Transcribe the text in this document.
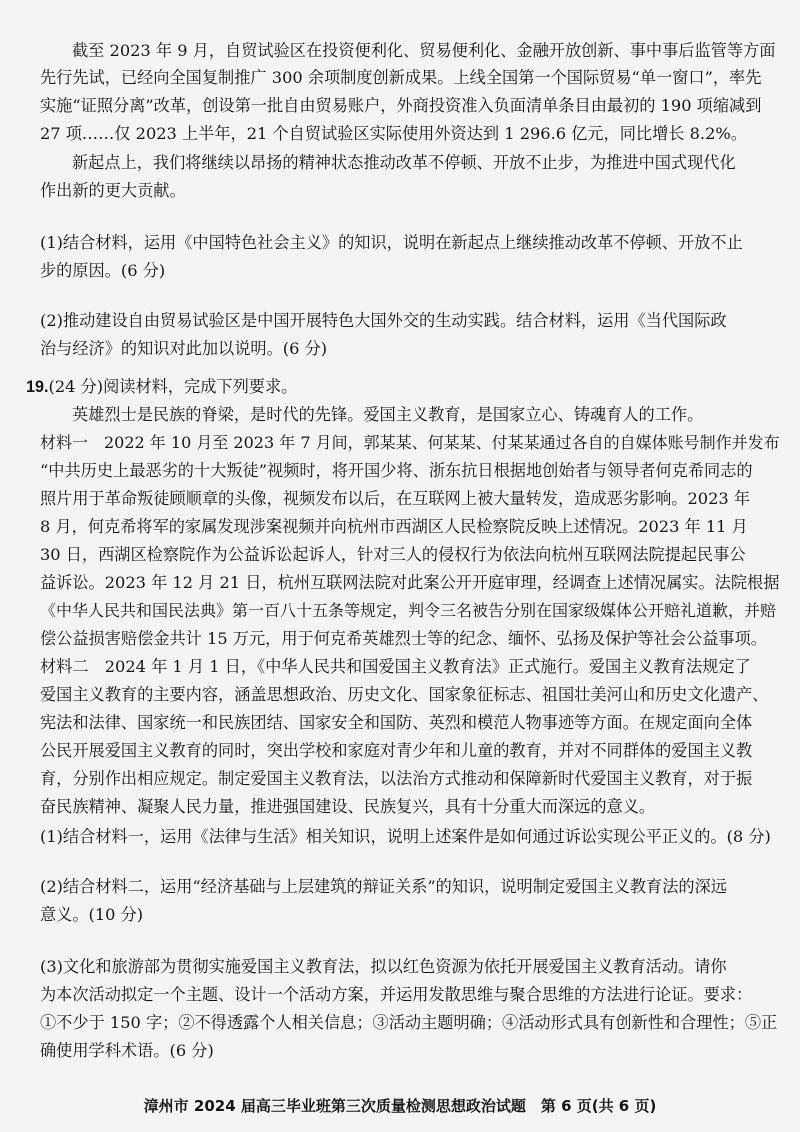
截至 2023 年 9 月，自贸试验区在投资便利化、贸易便利化、金融开放创新、事中事后监管等方面
先行先试，已经向全国复制推广 300 余项制度创新成果。上线全国第一个国际贸易“单一窗口”，率先
实施“证照分离”改革，创设第一批自由贸易账户，外商投资准入负面清单条目由最初的 190 项缩减到
27 项……仅 2023 上半年，21 个自贸试验区实际使用外资达到 1 296.6 亿元，同比增长 8.2%。
新起点上，我们将继续以昂扬的精神状态推动改革不停顿、开放不止步，为推进中国式现代化
作出新的更大贡献。
(1)结合材料，运用《中国特色社会主义》的知识，说明在新起点上继续推动改革不停顿、开放不止
步的原因。(6 分)
(2)推动建设自由贸易试验区是中国开展特色大国外交的生动实践。结合材料，运用《当代国际政
治与经济》的知识对此加以说明。(6 分)
19.(24 分)阅读材料，完成下列要求。
英雄烈士是民族的脊梁，是时代的先锋。爱国主义教育，是国家立心、铸魂育人的工作。
材料一　2022 年 10 月至 2023 年 7 月间，郭某某、何某某、付某某通过各自的自媒体账号制作并发布
“中共历史上最恶劣的十大叛徒”视频时，将开国少将、浙东抗日根据地创始者与领导者何克希同志的
照片用于革命叛徒顾顺章的头像，视频发布以后，在互联网上被大量转发，造成恶劣影响。2023 年
8 月，何克希将军的家属发现涉案视频并向杭州市西湖区人民检察院反映上述情况。2023 年 11 月
30 日，西湖区检察院作为公益诉讼起诉人，针对三人的侵权行为依法向杭州互联网法院提起民事公
益诉讼。2023 年 12 月 21 日，杭州互联网法院对此案公开开庭审理，经调查上述情况属实。法院根据
《中华人民共和国民法典》第一百八十五条等规定，判令三名被告分别在国家级媒体公开赔礼道歉，并赔
偿公益损害赔偿金共计 15 万元，用于何克希英雄烈士等的纪念、缅怀、弘扬及保护等社会公益事项。
材料二　2024 年 1 月 1 日，《中华人民共和国爱国主义教育法》正式施行。爱国主义教育法规定了
爱国主义教育的主要内容，涵盖思想政治、历史文化、国家象征标志、祖国壮美河山和历史文化遗产、
宪法和法律、国家统一和民族团结、国家安全和国防、英烈和模范人物事迹等方面。在规定面向全体
公民开展爱国主义教育的同时，突出学校和家庭对青少年和儿童的教育，并对不同群体的爱国主义教
育，分别作出相应规定。制定爱国主义教育法，以法治方式推动和保障新时代爱国主义教育，对于振
奋民族精神、凝聚人民力量，推进强国建设、民族复兴，具有十分重大而深远的意义。
(1)结合材料一，运用《法律与生活》相关知识，说明上述案件是如何通过诉讼实现公平正义的。(8 分)
(2)结合材料二，运用“经济基础与上层建筑的辩证关系”的知识，说明制定爱国主义教育法的深远
意义。(10 分)
(3)文化和旅游部为贯彻实施爱国主义教育法，拟以红色资源为依托开展爱国主义教育活动。请你
为本次活动拟定一个主题、设计一个活动方案，并运用发散思维与聚合思维的方法进行论证。要求：
①不少于 150 字；②不得透露个人相关信息；③活动主题明确；④活动形式具有创新性和合理性；⑤正
确使用学科术语。(6 分)
漳州市 2024 届高三毕业班第三次质量检测思想政治试题　第 6 页(共 6 页)
